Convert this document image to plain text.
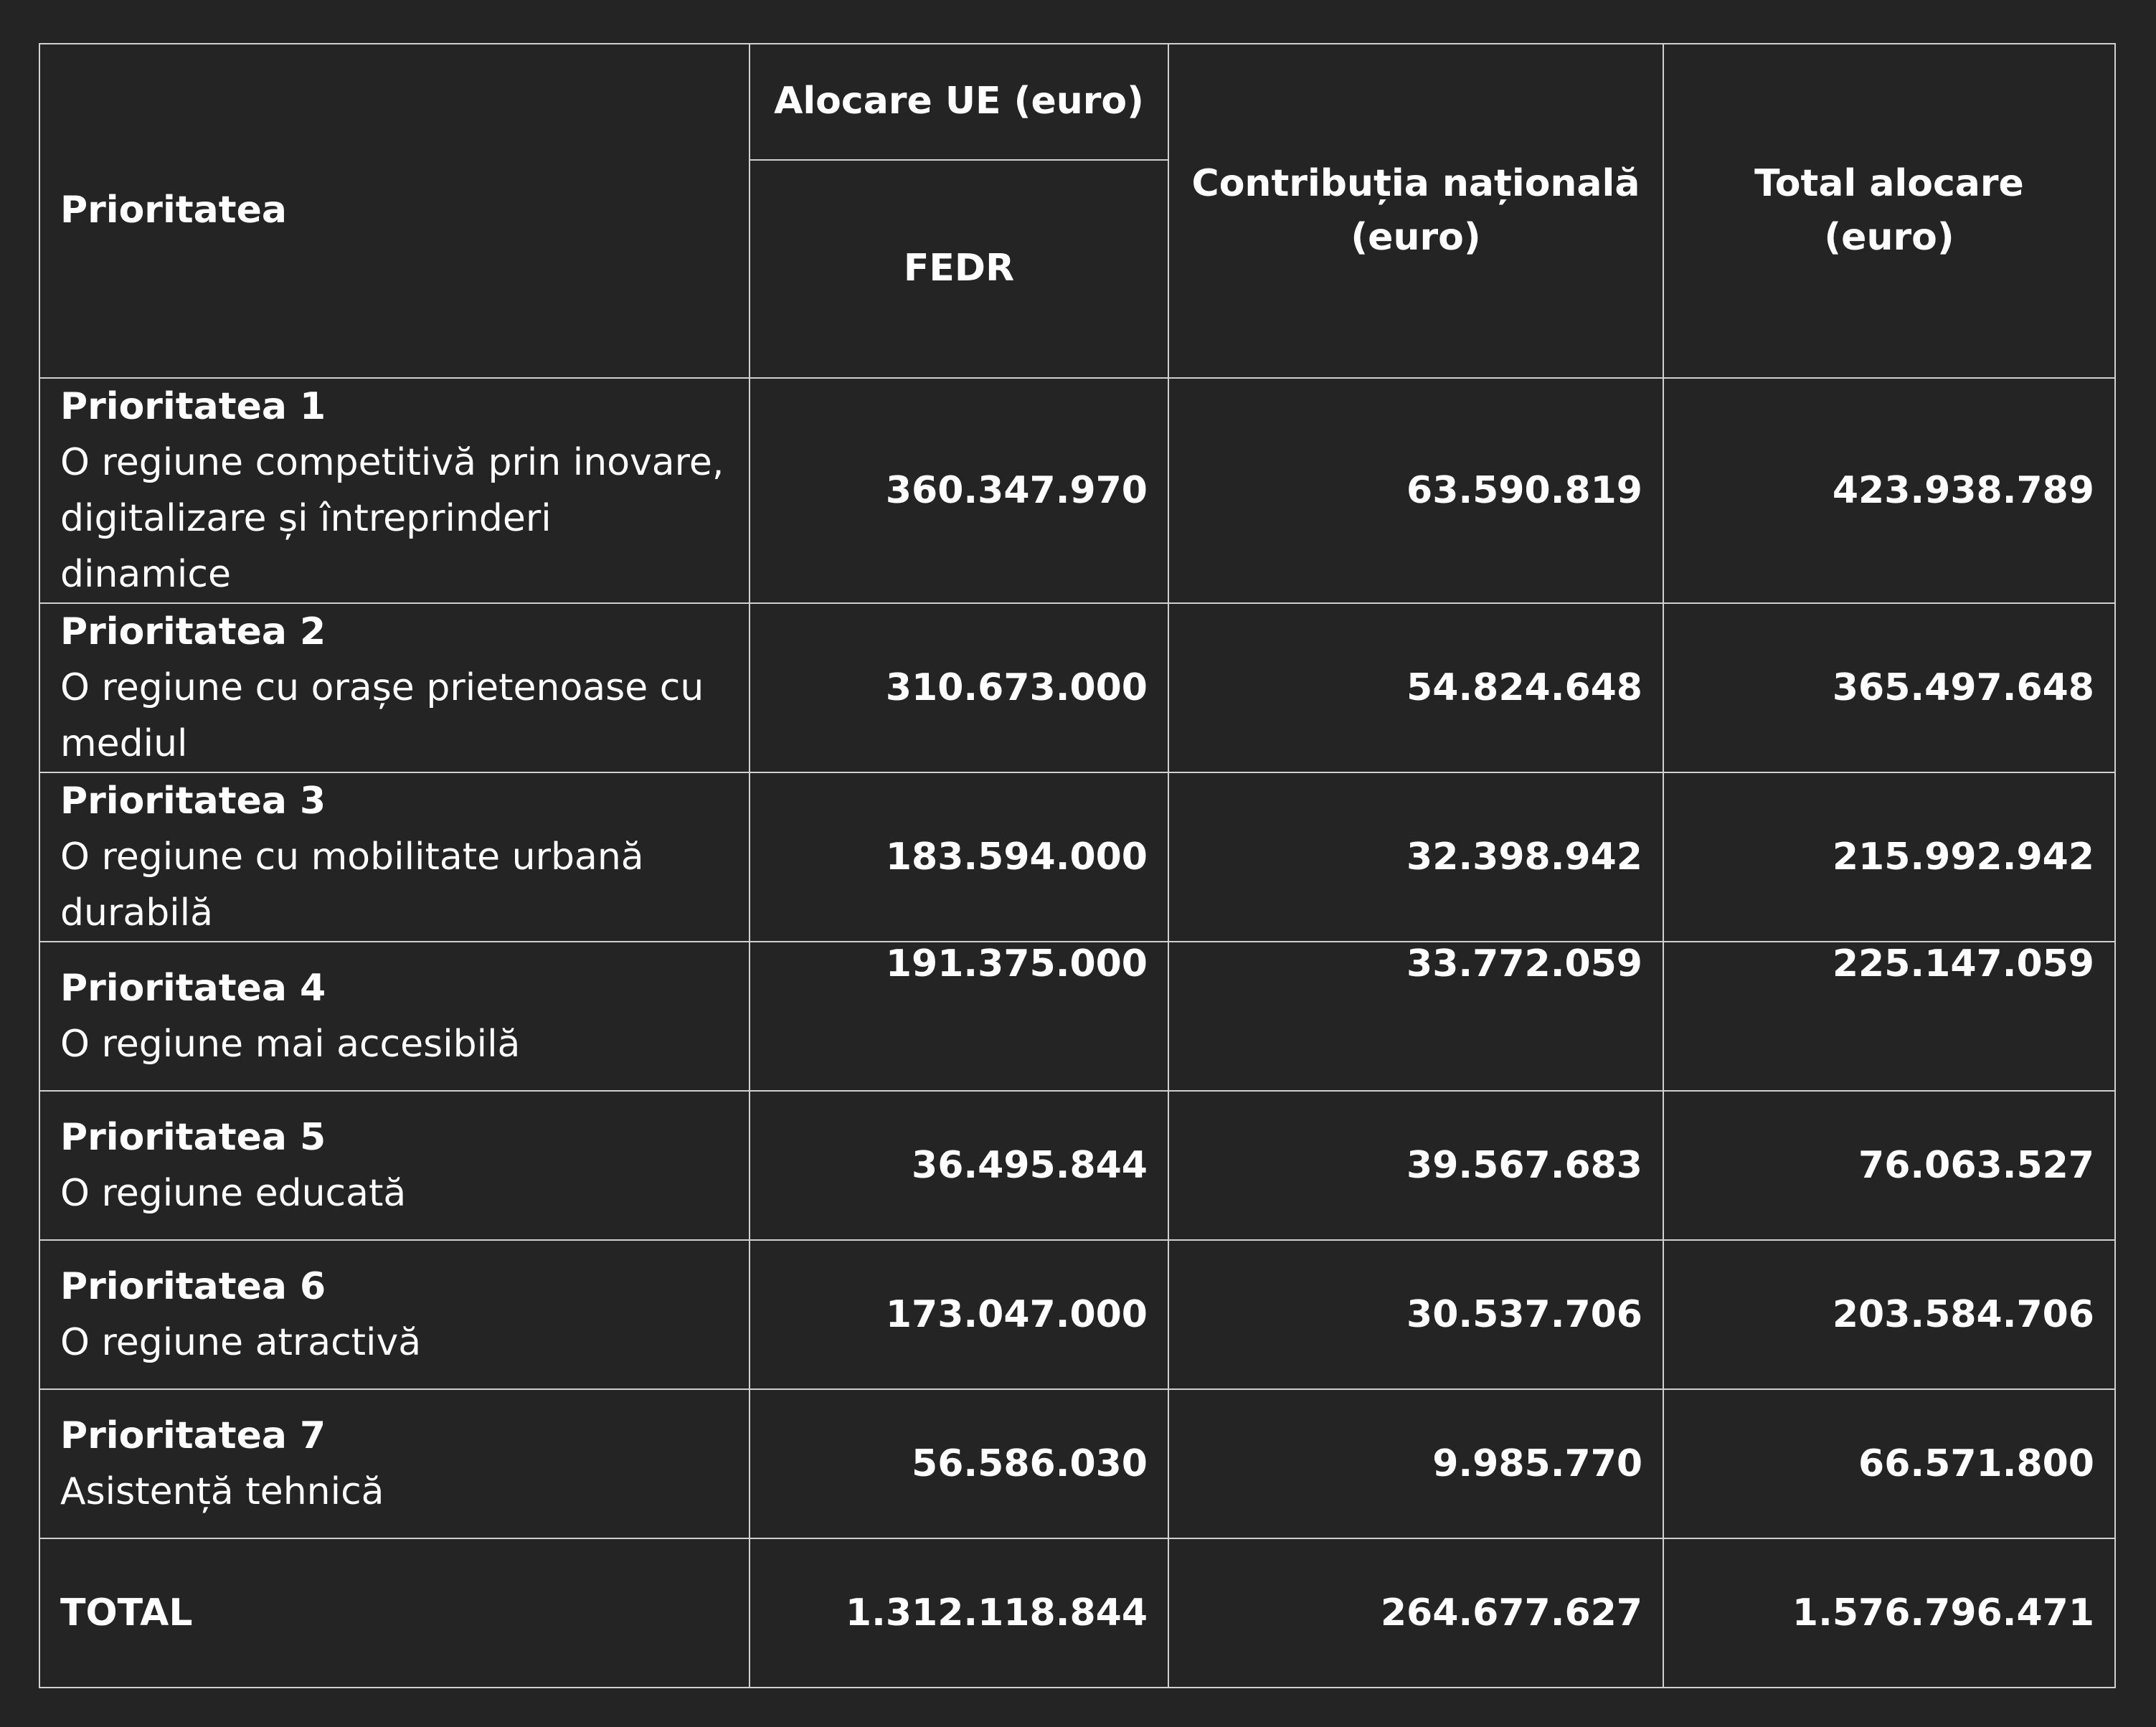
Prioritatea	Alocare UE (euro)	Contribuția națională (euro)	Total alocare (euro)
	FEDR		

Prioritatea 1
O regiune competitivă prin inovare, digitalizare și întreprinderi dinamice	360.347.970	63.590.819	423.938.789

Prioritatea 2
O regiune cu orașe prietenoase cu mediul	310.673.000	54.824.648	365.497.648

Prioritatea 3
O regiune cu mobilitate urbană durabilă	183.594.000	32.398.942	215.992.942

Prioritatea 4
O regiune mai accesibilă	191.375.000	33.772.059	225.147.059

Prioritatea 5
O regiune educată	36.495.844	39.567.683	76.063.527

Prioritatea 6
O regiune atractivă	173.047.000	30.537.706	203.584.706

Prioritatea 7
Asistență tehnică	56.586.030	9.985.770	66.571.800
TOTAL	1.312.118.844	264.677.627	1.576.796.471
